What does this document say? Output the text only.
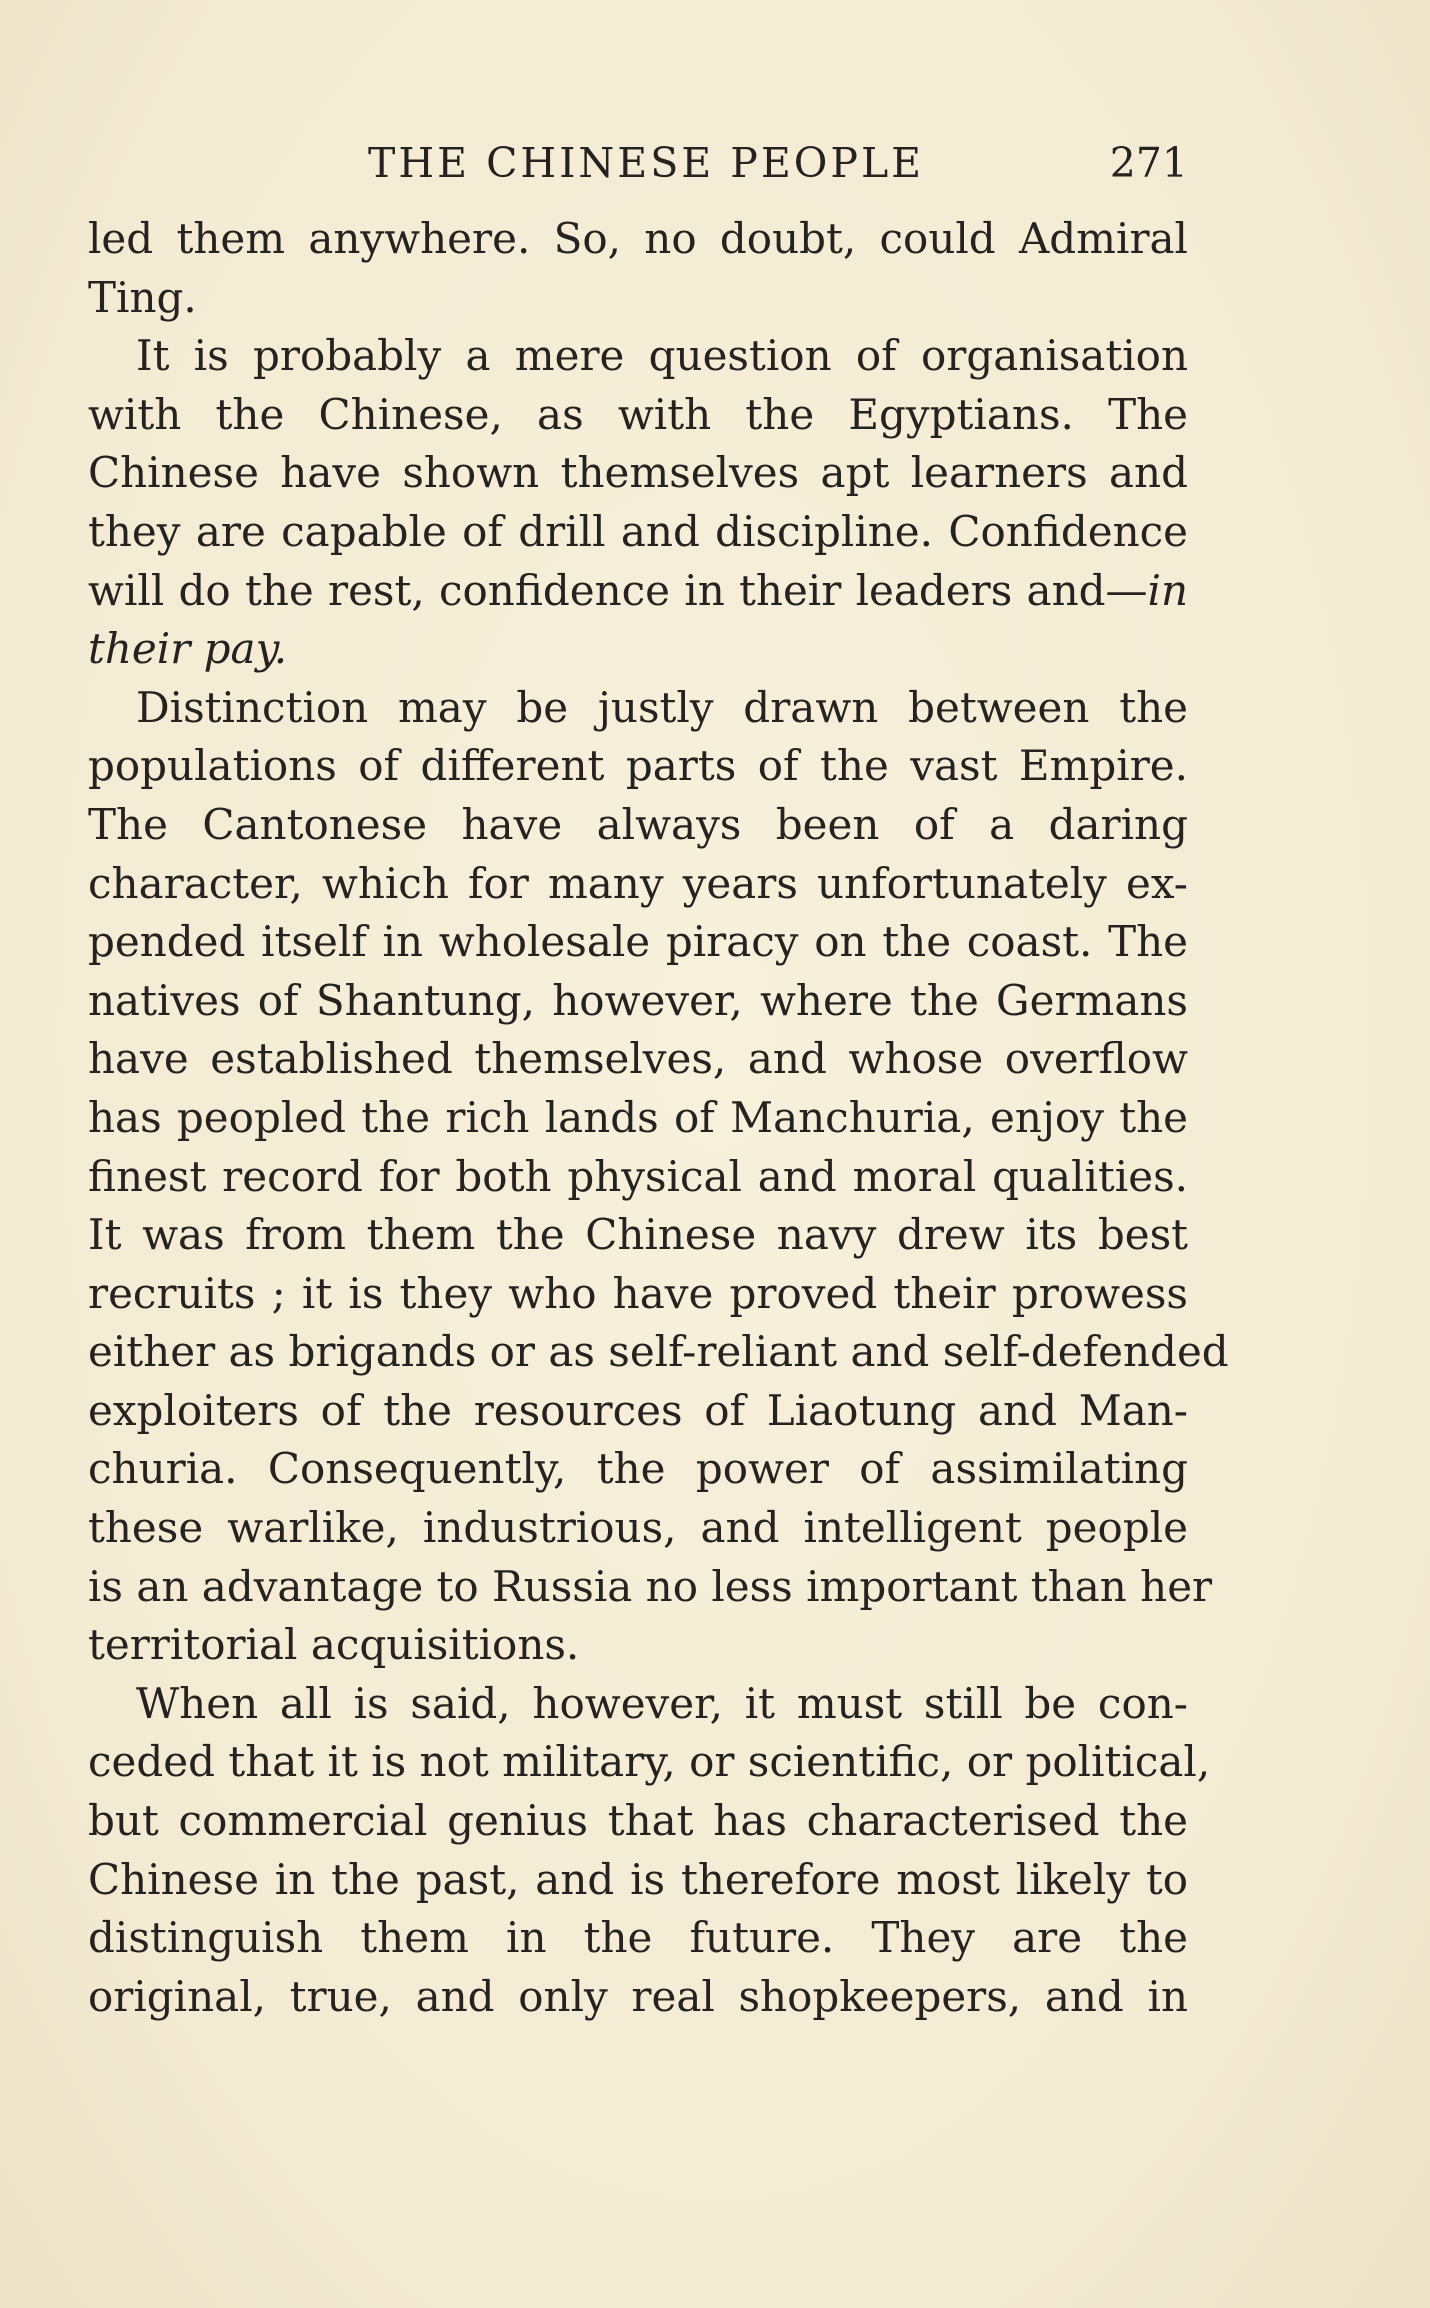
THE CHINESE PEOPLE	271
led them anywhere. So, no doubt, could Admiral
Ting.
It is probably a mere question of organisation
with the Chinese, as with the Egyptians. The
Chinese have shown themselves apt learners and
they are capable of drill and discipline. Confidence
will do the rest, confidence in their leaders and—in
their pay.
Distinction may be justly drawn between the
populations of different parts of the vast Empire.
The Cantonese have always been of a daring
character, which for many years unfortunately ex-
pended itself in wholesale piracy on the coast. The
natives of Shantung, however, where the Germans
have established themselves, and whose overflow
has peopled the rich lands of Manchuria, enjoy the
finest record for both physical and moral qualities.
It was from them the Chinese navy drew its best
recruits ; it is they who have proved their prowess
either as brigands or as self-reliant and self-defended
exploiters of the resources of Liaotung and Man-
churia. Consequently, the power of assimilating
these warlike, industrious, and intelligent people
is an advantage to Russia no less important than her
territorial acquisitions.
When all is said, however, it must still be con-
ceded that it is not military, or scientific, or political,
but commercial genius that has characterised the
Chinese in the past, and is therefore most likely to
distinguish them in the future. They are the
original, true, and only real shopkeepers, and in
